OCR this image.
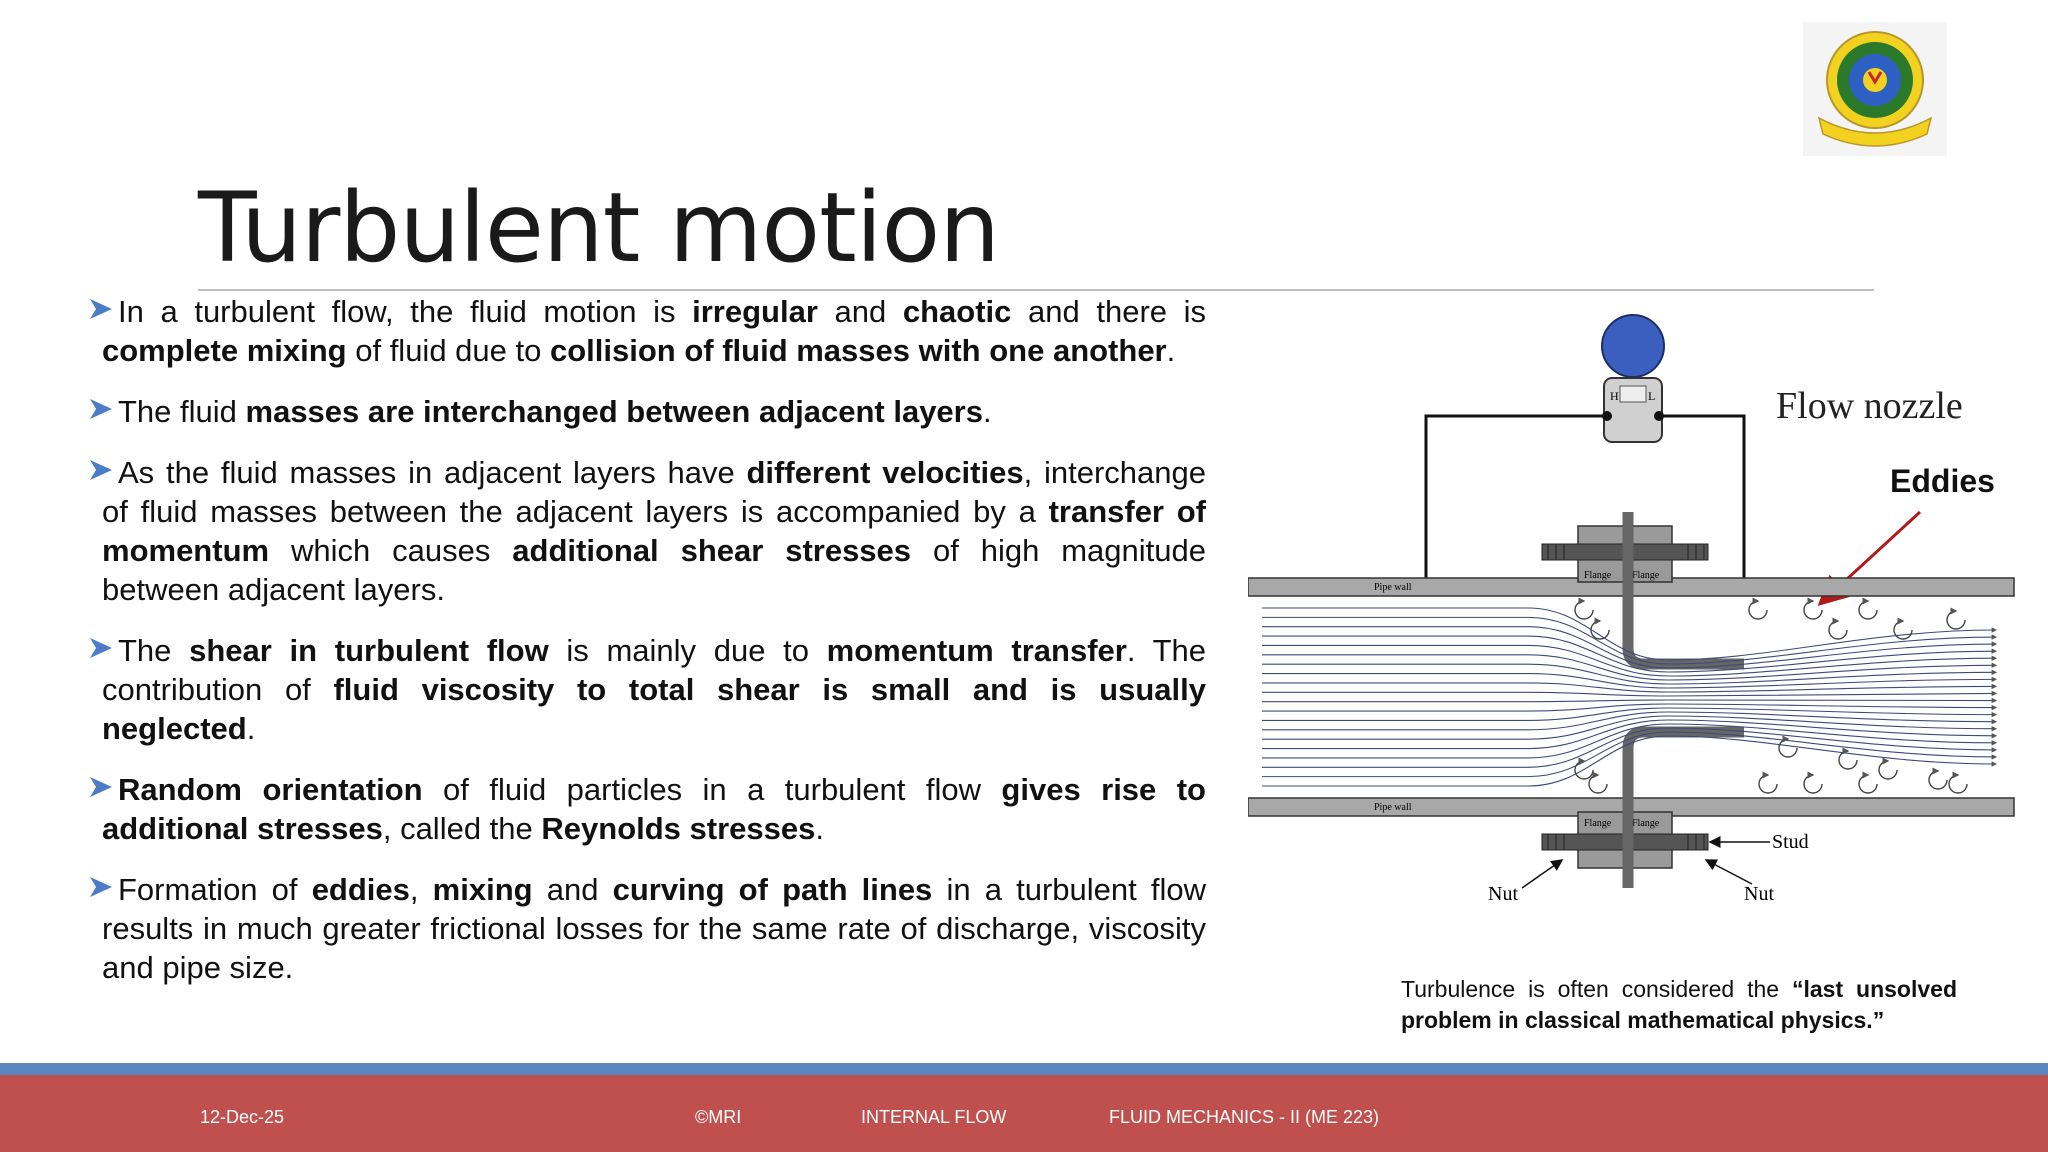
Turbulent motion
In a turbulent flow, the fluid motion is irregular and chaotic and there is complete mixing of fluid due to collision of fluid masses with one another.
The fluid masses are interchanged between adjacent layers.
As the fluid masses in adjacent layers have different velocities, interchange of fluid masses between the adjacent layers is accompanied by a transfer of momentum which causes additional shear stresses of high magnitude between adjacent layers.
The shear in turbulent flow is mainly due to momentum transfer. The contribution of fluid viscosity to total shear is small and is usually neglected.
Random orientation of fluid particles in a turbulent flow gives rise to additional stresses, called the Reynolds stresses.
Formation of eddies, mixing and curving of path lines in a turbulent flow results in much greater frictional losses for the same rate of discharge, viscosity and pipe size.
H L	Flow nozzle
Eddies
Pipe wall
Pipe wall
Flange Flange
Flange Flange
Stud
Nut	Nut
Turbulence is often considered the “last unsolved problem in classical mathematical physics.”
12-Dec-25	©MRI	INTERNAL FLOW	FLUID MECHANICS - II (ME 223)
